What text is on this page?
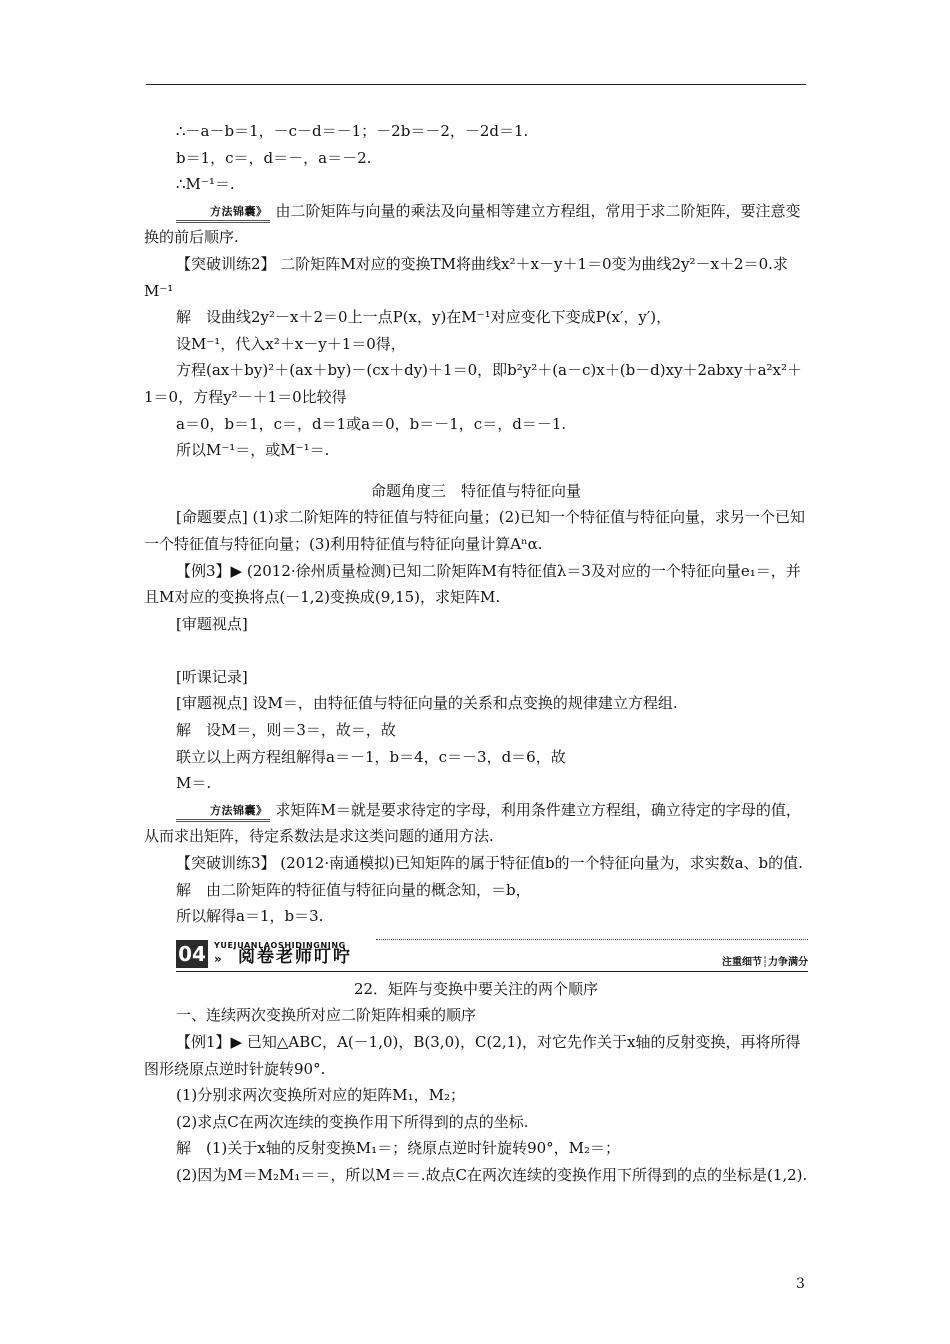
∴－a－b＝1，－c－d＝－1；－2b＝－2，－2d＝1.

b＝1，c＝，d＝－，a＝－2.

∴M⁻¹＝.

方法锦囊》 由二阶矩阵与向量的乘法及向量相等建立方程组，常用于求二阶矩阵，要注意变换的前后顺序.

【突破训练2】 二阶矩阵M对应的变换TM将曲线x²＋x－y＋1＝0变为曲线2y²－x＋2＝0.求M⁻¹

解　设曲线2y²－x＋2＝0上一点P(x，y)在M⁻¹对应变化下变成P(x′，y′)，

设M⁻¹，代入x²＋x－y＋1＝0得，

方程(ax＋by)²＋(ax＋by)－(cx＋dy)＋1＝0，即b²y²＋(a－c)x＋(b－d)xy＋2abxy＋a²x²＋1＝0，方程y²－＋1＝0比较得

a＝0，b＝1，c＝，d＝1或a＝0，b＝－1，c＝，d＝－1.

所以M⁻¹＝，或M⁻¹＝.

命题角度三　特征值与特征向量

[命题要点] (1)求二阶矩阵的特征值与特征向量；(2)已知一个特征值与特征向量，求另一个已知一个特征值与特征向量；(3)利用特征值与特征向量计算Aⁿα.

【例3】▶ (2012·徐州质量检测)已知二阶矩阵M有特征值λ＝3及对应的一个特征向量e₁＝，并且M对应的变换将点(－1,2)变换成(9,15)，求矩阵M.

[审题视点]

[听课记录]

[审题视点] 设M＝，由特征值与特征向量的关系和点变换的规律建立方程组.

解　设M＝，则＝3＝，故＝，故

联立以上两方程组解得a＝－1，b＝4，c＝－3，d＝6，故

M＝.

方法锦囊》 求矩阵M＝就是要求待定的字母，利用条件建立方程组，确立待定的字母的值，从而求出矩阵，待定系数法是求这类问题的通用方法.

【突破训练3】 (2012·南通模拟)已知矩阵的属于特征值b的一个特征向量为，求实数a、b的值.

解　由二阶矩阵的特征值与特征向量的概念知，＝b，

所以解得a＝1，b＝3.

YUEJUANLAOSHIDINGNING
04 » 阅卷老师叮咛	注重细节┆力争满分

22．矩阵与变换中要关注的两个顺序

一、连续两次变换所对应二阶矩阵相乘的顺序

【例1】▶ 已知△ABC，A(－1,0)，B(3,0)，C(2,1)，对它先作关于x轴的反射变换，再将所得图形绕原点逆时针旋转90°.

(1)分别求两次变换所对应的矩阵M₁，M₂；

(2)求点C在两次连续的变换作用下所得到的点的坐标.

解　(1)关于x轴的反射变换M₁＝；绕原点逆时针旋转90°，M₂＝；

(2)因为M＝M₂M₁＝＝，所以M＝＝.故点C在两次连续的变换作用下所得到的点的坐标是(1,2).

3
